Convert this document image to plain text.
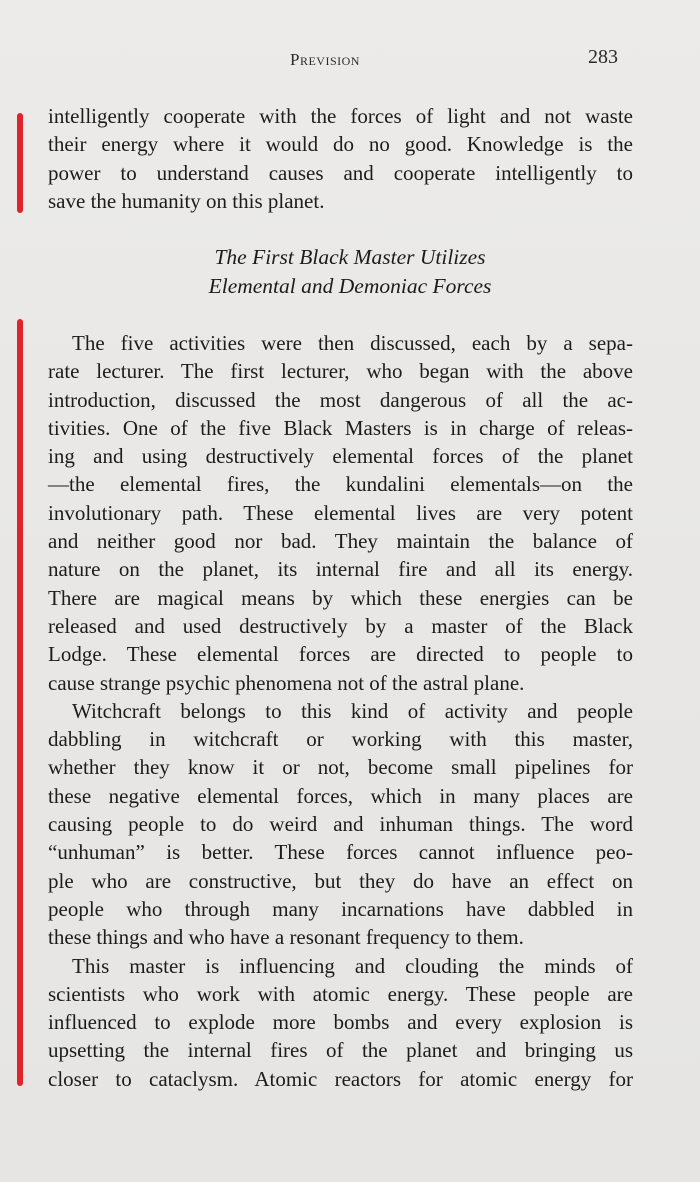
Prevision	283
intelligently cooperate with the forces of light and not waste
their energy where it would do no good. Knowledge is the
power to understand causes and cooperate intelligently to
save the humanity on this planet.
The First Black Master Utilizes
Elemental and Demoniac Forces
The five activities were then discussed, each by a sepa-
rate lecturer. The first lecturer, who began with the above
introduction, discussed the most dangerous of all the ac-
tivities. One of the five Black Masters is in charge of releas-
ing and using destructively elemental forces of the planet
—the elemental fires, the kundalini elementals—on the
involutionary path. These elemental lives are very potent
and neither good nor bad. They maintain the balance of
nature on the planet, its internal fire and all its energy.
There are magical means by which these energies can be
released and used destructively by a master of the Black
Lodge. These elemental forces are directed to people to
cause strange psychic phenomena not of the astral plane.
Witchcraft belongs to this kind of activity and people
dabbling in witchcraft or working with this master,
whether they know it or not, become small pipelines for
these negative elemental forces, which in many places are
causing people to do weird and inhuman things. The word
“unhuman” is better. These forces cannot influence peo-
ple who are constructive, but they do have an effect on
people who through many incarnations have dabbled in
these things and who have a resonant frequency to them.
This master is influencing and clouding the minds of
scientists who work with atomic energy. These people are
influenced to explode more bombs and every explosion is
upsetting the internal fires of the planet and bringing us
closer to cataclysm. Atomic reactors for atomic energy for
